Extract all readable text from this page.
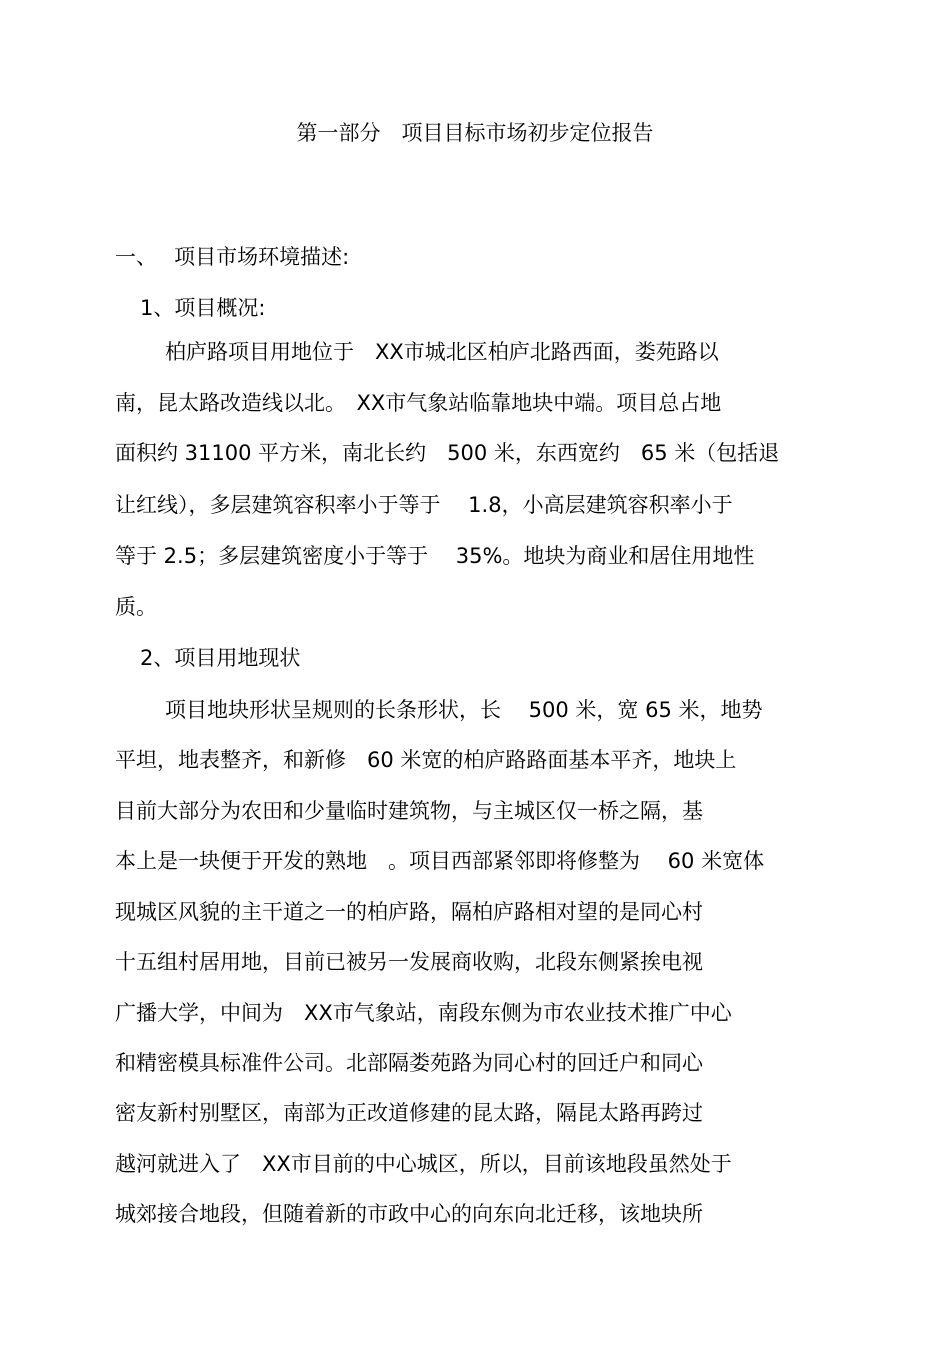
第一部分　项目目标市场初步定位报告
一、　 项目市场环境描述:
1、项目概况:
柏庐路项目用地位于　XX市城北区柏庐北路西面，娄苑路以
南，昆太路改造线以北。　XX市气象站临靠地块中端。项目总占地
面积约 31100 平方米，南北长约　500 米，东西宽约　65 米（包括退
让红线），多层建筑容积率小于等于　 1.8，小高层建筑容积率小于
等于 2.5；多层建筑密度小于等于　 35%。地块为商业和居住用地性
质。
2、项目用地现状
项目地块形状呈规则的长条形状，长　 500 米，宽 65 米，地势
平坦，地表整齐，和新修　60 米宽的柏庐路路面基本平齐，地块上
目前大部分为农田和少量临时建筑物，与主城区仅一桥之隔，基
本上是一块便于开发的熟地　。项目西部紧邻即将修整为　 60 米宽体
现城区风貌的主干道之一的柏庐路，隔柏庐路相对望的是同心村
十五组村居用地，目前已被另一发展商收购，北段东侧紧挨电视
广播大学，中间为　XX市气象站，南段东侧为市农业技术推广中心
和精密模具标准件公司。北部隔娄苑路为同心村的回迁户和同心
密友新村别墅区，南部为正改道修建的昆太路，隔昆太路再跨过
越河就进入了　XX市目前的中心城区，所以，目前该地段虽然处于
城郊接合地段，但随着新的市政中心的向东向北迁移，该地块所
